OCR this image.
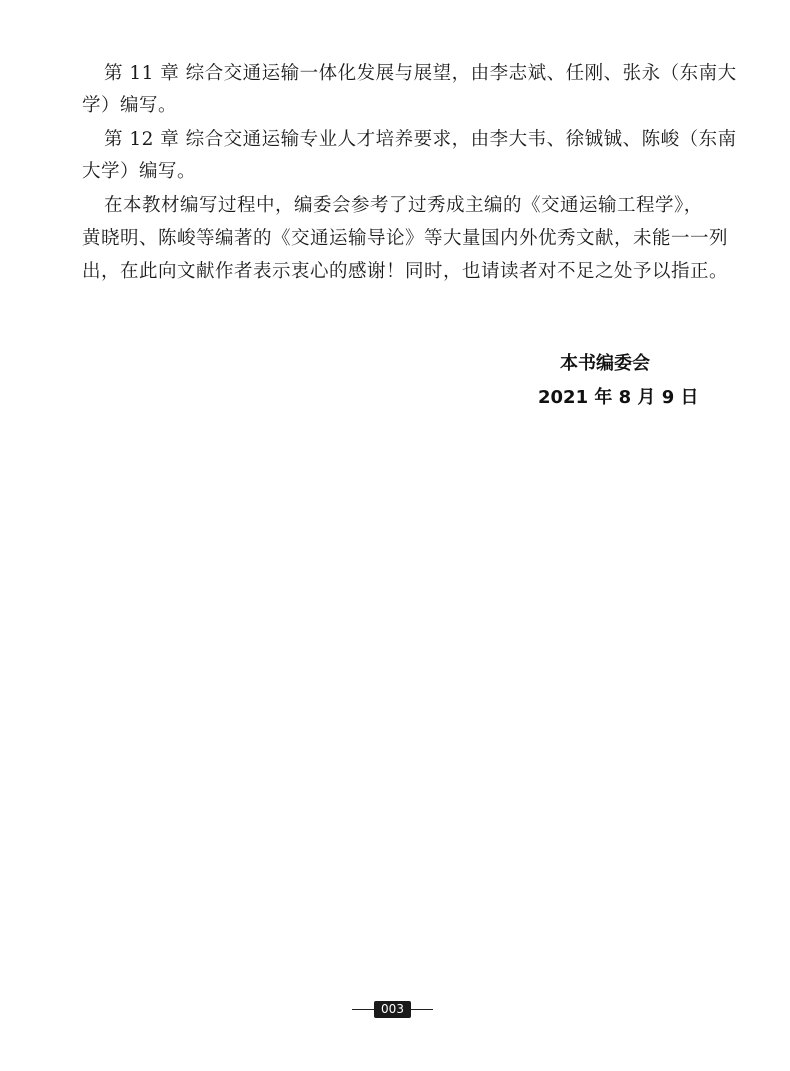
第 11 章 综合交通运输一体化发展与展望，由李志斌、任刚、张永（东南大
学）编写。
第 12 章 综合交通运输专业人才培养要求，由李大韦、徐铖铖、陈峻（东南
大学）编写。
在本教材编写过程中，编委会参考了过秀成主编的《交通运输工程学》，
黄晓明、陈峻等编著的《交通运输导论》等大量国内外优秀文献，未能一一列
出，在此向文献作者表示衷心的感谢！同时，也请读者对不足之处予以指正。
本书编委会
2021 年 8 月 9 日
003
